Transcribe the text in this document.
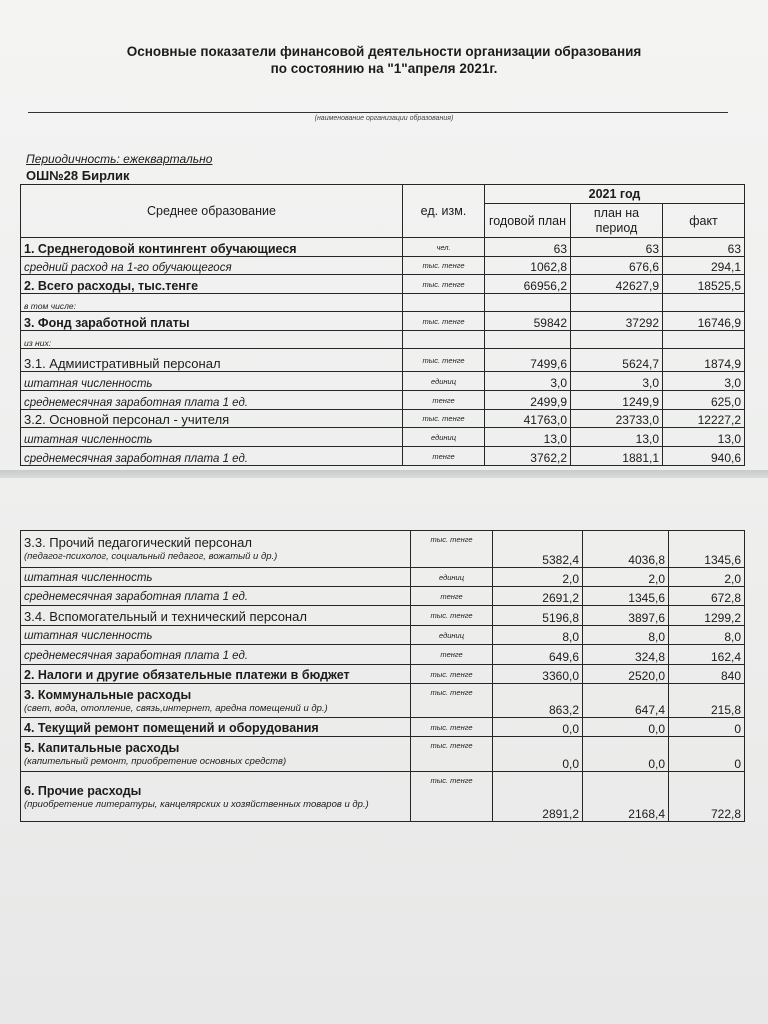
Основные показатели финансовой деятельности организации образования
по состоянию на "1"апреля 2021г.
(наименование организации образования)
Периодичность: ежеквартально
ОШ№28 Бирлик
Среднее образование	ед. изм.	2021 год		
		годовой план	план на период	факт
1. Среднегодовой контингент обучающиеся	чел.	63	63	63
средний расход на 1-го обучающегося	тыс. тенге	1062,8	676,6	294,1
2. Всего расходы, тыс.тенге	тыс. тенге	66956,2	42627,9	18525,5
в том числе:				
3. Фонд заработной платы	тыс. тенге	59842	37292	16746,9
из них:				
3.1. Адмиистративный персонал	тыс. тенге	7499,6	5624,7	1874,9
штатная численность	единиц	3,0	3,0	3,0
среднемесячная заработная плата 1 ед.	тенге	2499,9	1249,9	625,0
3.2. Основной персонал - учителя	тыс. тенге	41763,0	23733,0	12227,2
штатная численность	единиц	13,0	13,0	13,0
среднемесячная заработная плата 1 ед.	тенге	3762,2	1881,1	940,6
3.3. Прочий педагогический персонал
(педагог-психолог, социальный педагог, вожатый и др.)	тыс. тенге	5382,4	4036,8	1345,6

штатная численность	единиц	2,0	2,0	2,0

среднемесячная заработная плата 1 ед.	тенге	2691,2	1345,6	672,8

3.4. Вспомогательный и технический персонал	тыс. тенге	5196,8	3897,6	1299,2

штатная численность	единиц	8,0	8,0	8,0

среднемесячная заработная плата 1 ед.	тенге	649,6	324,8	162,4

2. Налоги и другие обязательные платежи в бюджет	тыс. тенге	3360,0	2520,0	840

3. Коммунальные расходы
(свет, вода, отопление, связь,интернет, аредна помещений и др.)	тыс. тенге	863,2	647,4	215,8

4. Текущий ремонт помещений и оборудования	тыс. тенге	0,0	0,0	0

5. Капитальные расходы
(капительный ремонт, приобретение основных средств)	тыс. тенге	0,0	0,0	0

6. Прочие расходы
(приобретение литературы, канцелярских и хозяйственных товаров и др.)	тыс. тенге	2891,2	2168,4	722,8
